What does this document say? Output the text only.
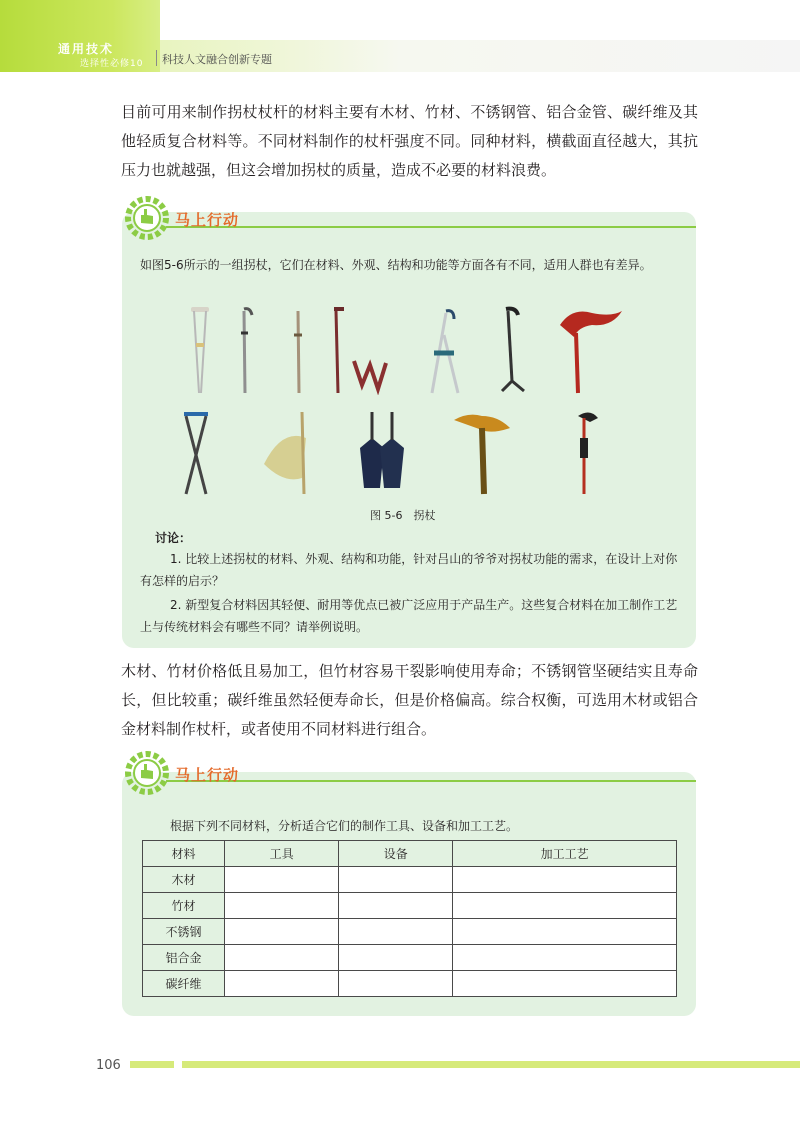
通用技术
选择性必修10 科技人文融合创新专题

目前可用来制作拐杖杖杆的材料主要有木材、竹材、不锈钢管、铝合金管、碳纤维及其他轻质复合材料等。不同材料制作的杖杆强度不同。同种材料，横截面直径越大，其抗压力也就越强，但这会增加拐杖的质量，造成不必要的材料浪费。

马上行动

如图5-6所示的一组拐杖，它们在材料、外观、结构和功能等方面各有不同，适用人群也有差异。

图 5-6　拐杖
讨论：

1. 比较上述拐杖的材料、外观、结构和功能，针对吕山的爷爷对拐杖功能的需求，在设计上对你有怎样的启示？

2. 新型复合材料因其轻便、耐用等优点已被广泛应用于产品生产。这些复合材料在加工制作工艺上与传统材料会有哪些不同？请举例说明。

木材、竹材价格低且易加工，但竹材容易干裂影响使用寿命；不锈钢管坚硬结实且寿命长，但比较重；碳纤维虽然轻便寿命长，但是价格偏高。综合权衡，可选用木材或铝合金材料制作杖杆，或者使用不同材料进行组合。

马上行动

根据下列不同材料，分析适合它们的制作工具、设备和加工工艺。

材料	工具	设备	加工工艺
木材			
竹材			
不锈钢			
铝合金			
碳纤维			
106
